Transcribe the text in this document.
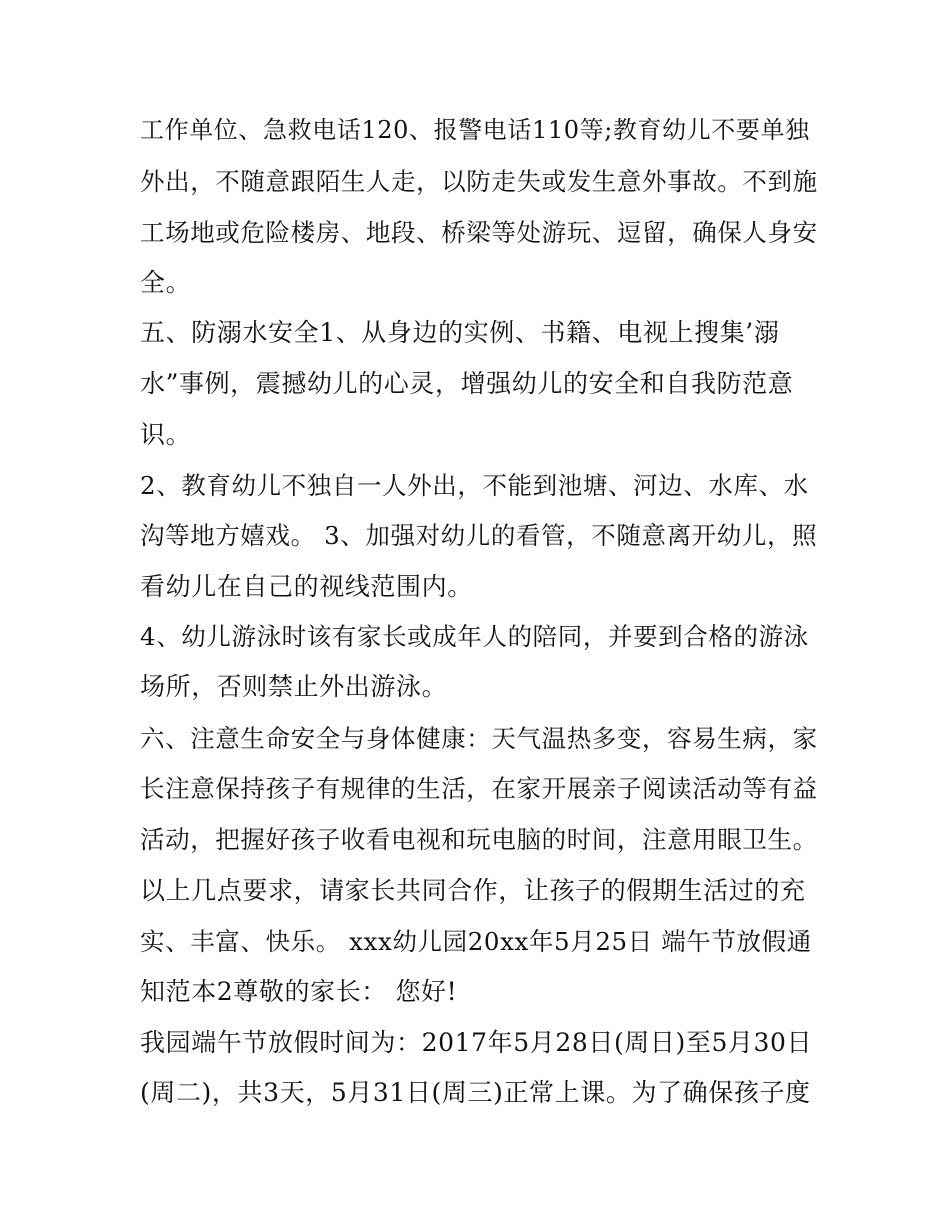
工作单位、急救电话120、报警电话110等;教育幼儿不要单独
外出，不随意跟陌生人走，以防走失或发生意外事故。不到施
工场地或危险楼房、地段、桥梁等处游玩、逗留，确保人身安
全。
五、防溺水安全1、从身边的实例、书籍、电视上搜集’溺
水”事例，震撼幼儿的心灵，增强幼儿的安全和自我防范意
识。
2、教育幼儿不独自一人外出，不能到池塘、河边、水库、水
沟等地方嬉戏。 3、加强对幼儿的看管，不随意离开幼儿，照
看幼儿在自己的视线范围内。
4、幼儿游泳时该有家长或成年人的陪同，并要到合格的游泳
场所，否则禁止外出游泳。
六、注意生命安全与身体健康：天气温热多变，容易生病，家
长注意保持孩子有规律的生活，在家开展亲子阅读活动等有益
活动，把握好孩子收看电视和玩电脑的时间，注意用眼卫生。
以上几点要求，请家长共同合作，让孩子的假期生活过的充
实、丰富、快乐。 xxx幼儿园20xx年5月25日 端午节放假通
知范本2尊敬的家长： 您好!
我园端午节放假时间为：2017年5月28日(周日)至5月30日
(周二)，共3天，5月31日(周三)正常上课。为了确保孩子度
